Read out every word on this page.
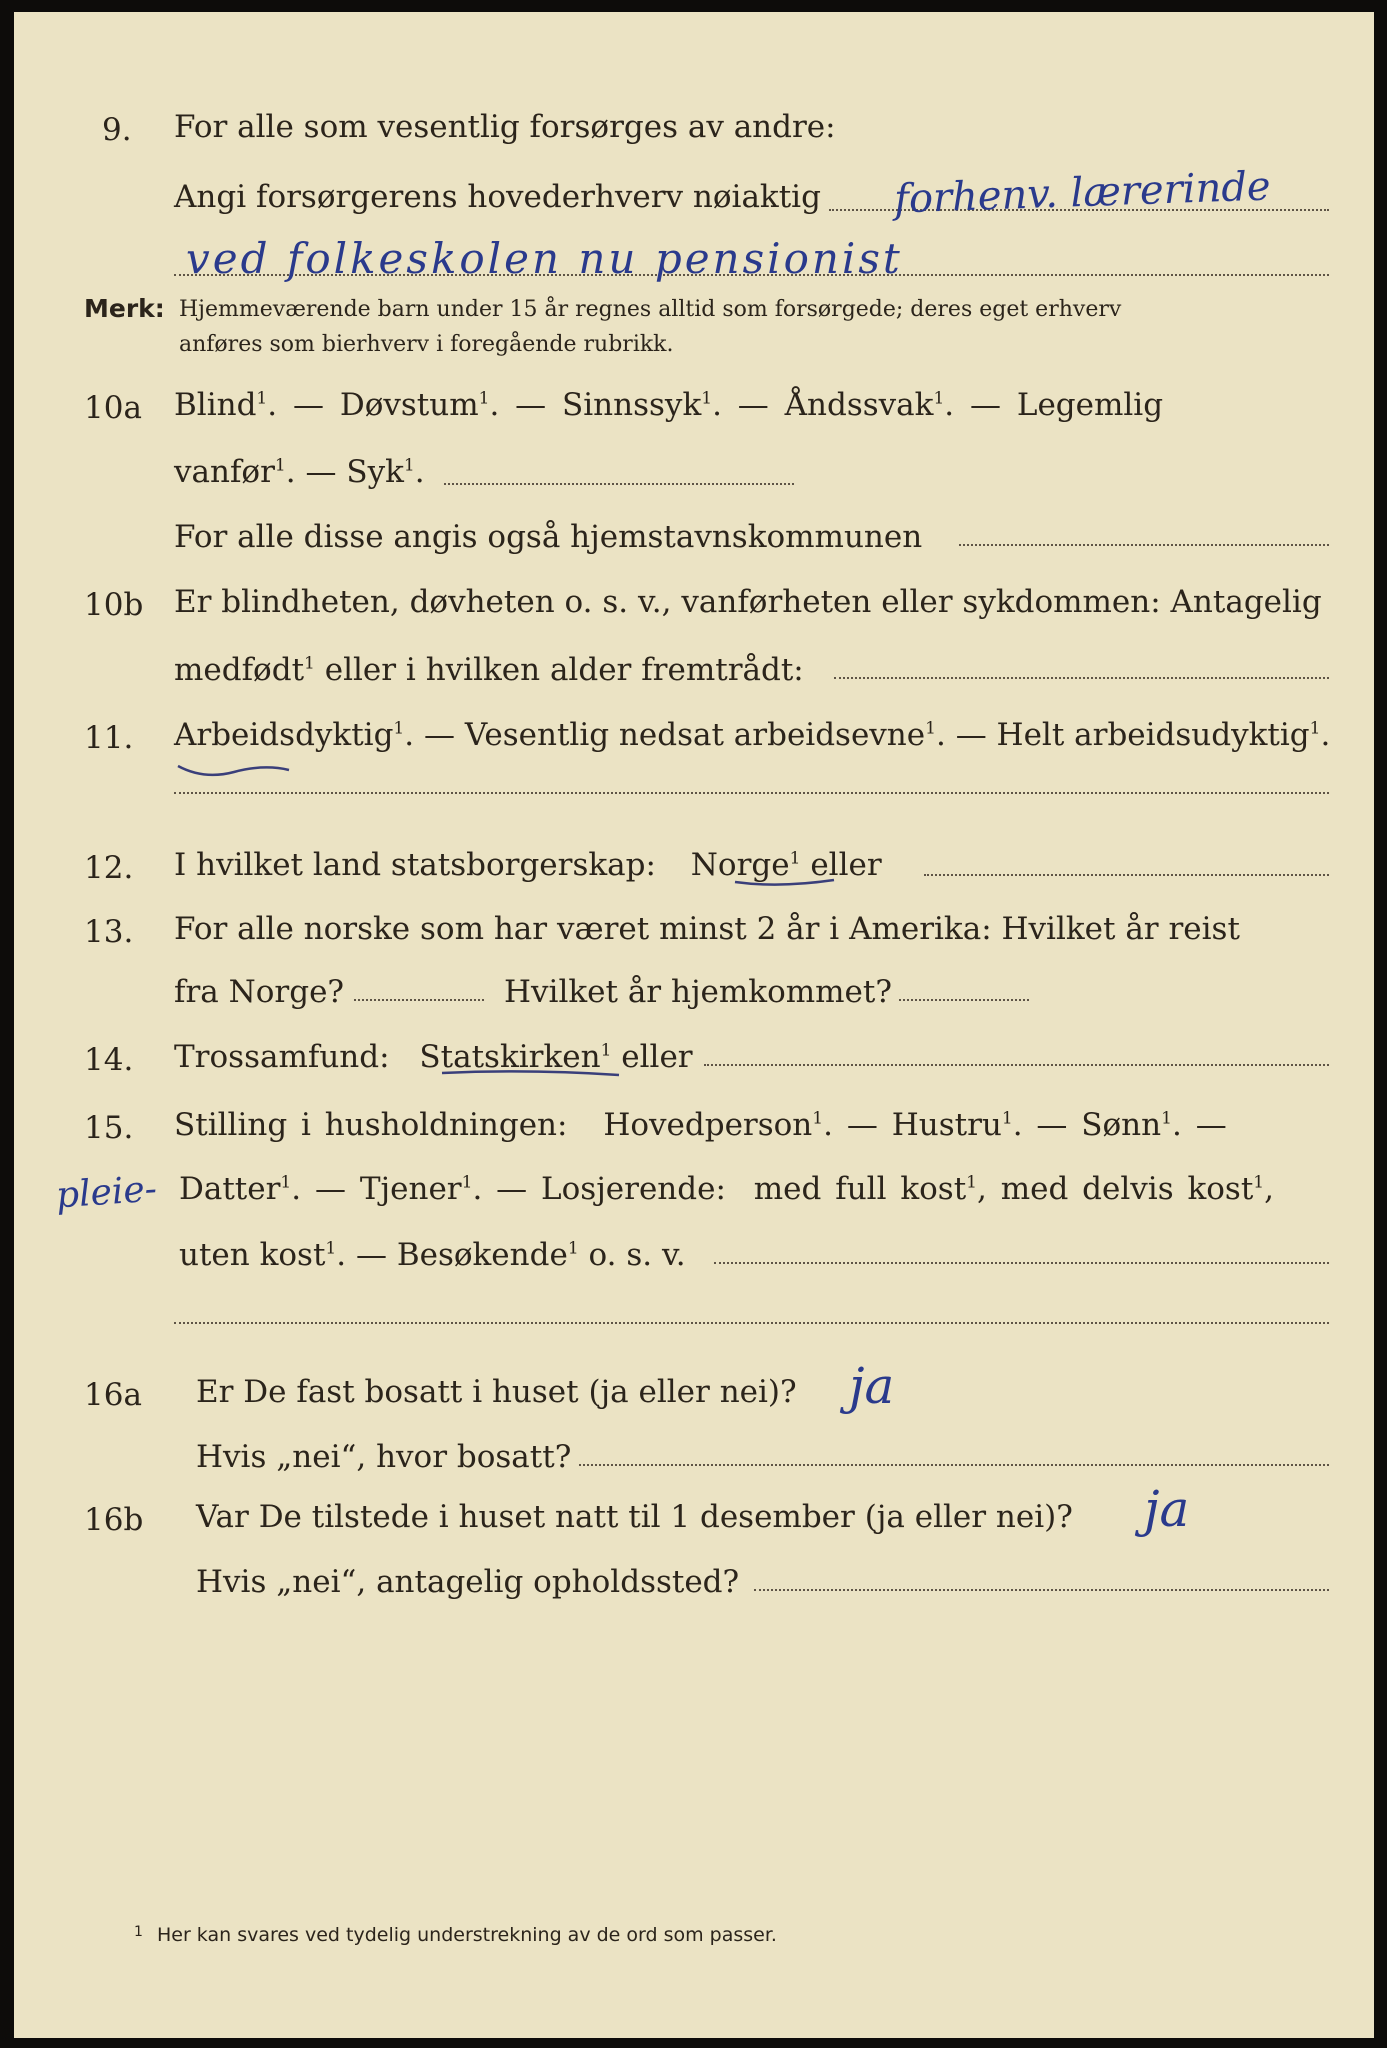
9. For alle som vesentlig forsørges av andre:
Angi forsørgerens hovederhverv nøiaktig forhenv. lærerinde
ved folkeskolen nu pensionist
Merk: Hjemmeværende barn under 15 år regnes alltid som forsørgede; deres eget erhverv
anføres som bierhverv i foregående rubrikk.
10a Blind$^1$. — Døvstum$^1$. — Sinnssyk$^1$. — Åndssvak$^1$. — Legemlig
vanfør$^1$. — Syk$^1$.
For alle disse angis også hjemstavnskommunen
10b Er blindheten, døvheten o. s. v., vanførheten eller sykdommen: Antagelig
medfødt$^1$ eller i hvilken alder fremtrådt:
11. Arbeidsdyktig$^1$. — Vesentlig nedsat arbeidsevne$^1$. — Helt arbeidsudyktig$^1$.
12. I hvilket land statsborgerskap: Norge$^1$ eller
13. For alle norske som har været minst 2 år i Amerika: Hvilket år reist
fra Norge?	Hvilket år hjemkommet?
14. Trossamfund: Statskirken$^1$ eller
15. Stilling i husholdningen: Hovedperson$^1$. — Hustru$^1$. — Sønn$^1$. —
pleie- Datter$^1$. — Tjener$^1$. — Losjerende: med full kost$^1$, med delvis kost$^1$,
uten kost$^1$. — Besøkende$^1$ o. s. v.
16a Er De fast bosatt i huset (ja eller nei)? ja
Hvis „nei“, hvor bosatt?
16b Var De tilstede i huset natt til 1 desember (ja eller nei)? ja
Hvis „nei“, antagelig opholdssted?
$^1$ Her kan svares ved tydelig understrekning av de ord som passer.
